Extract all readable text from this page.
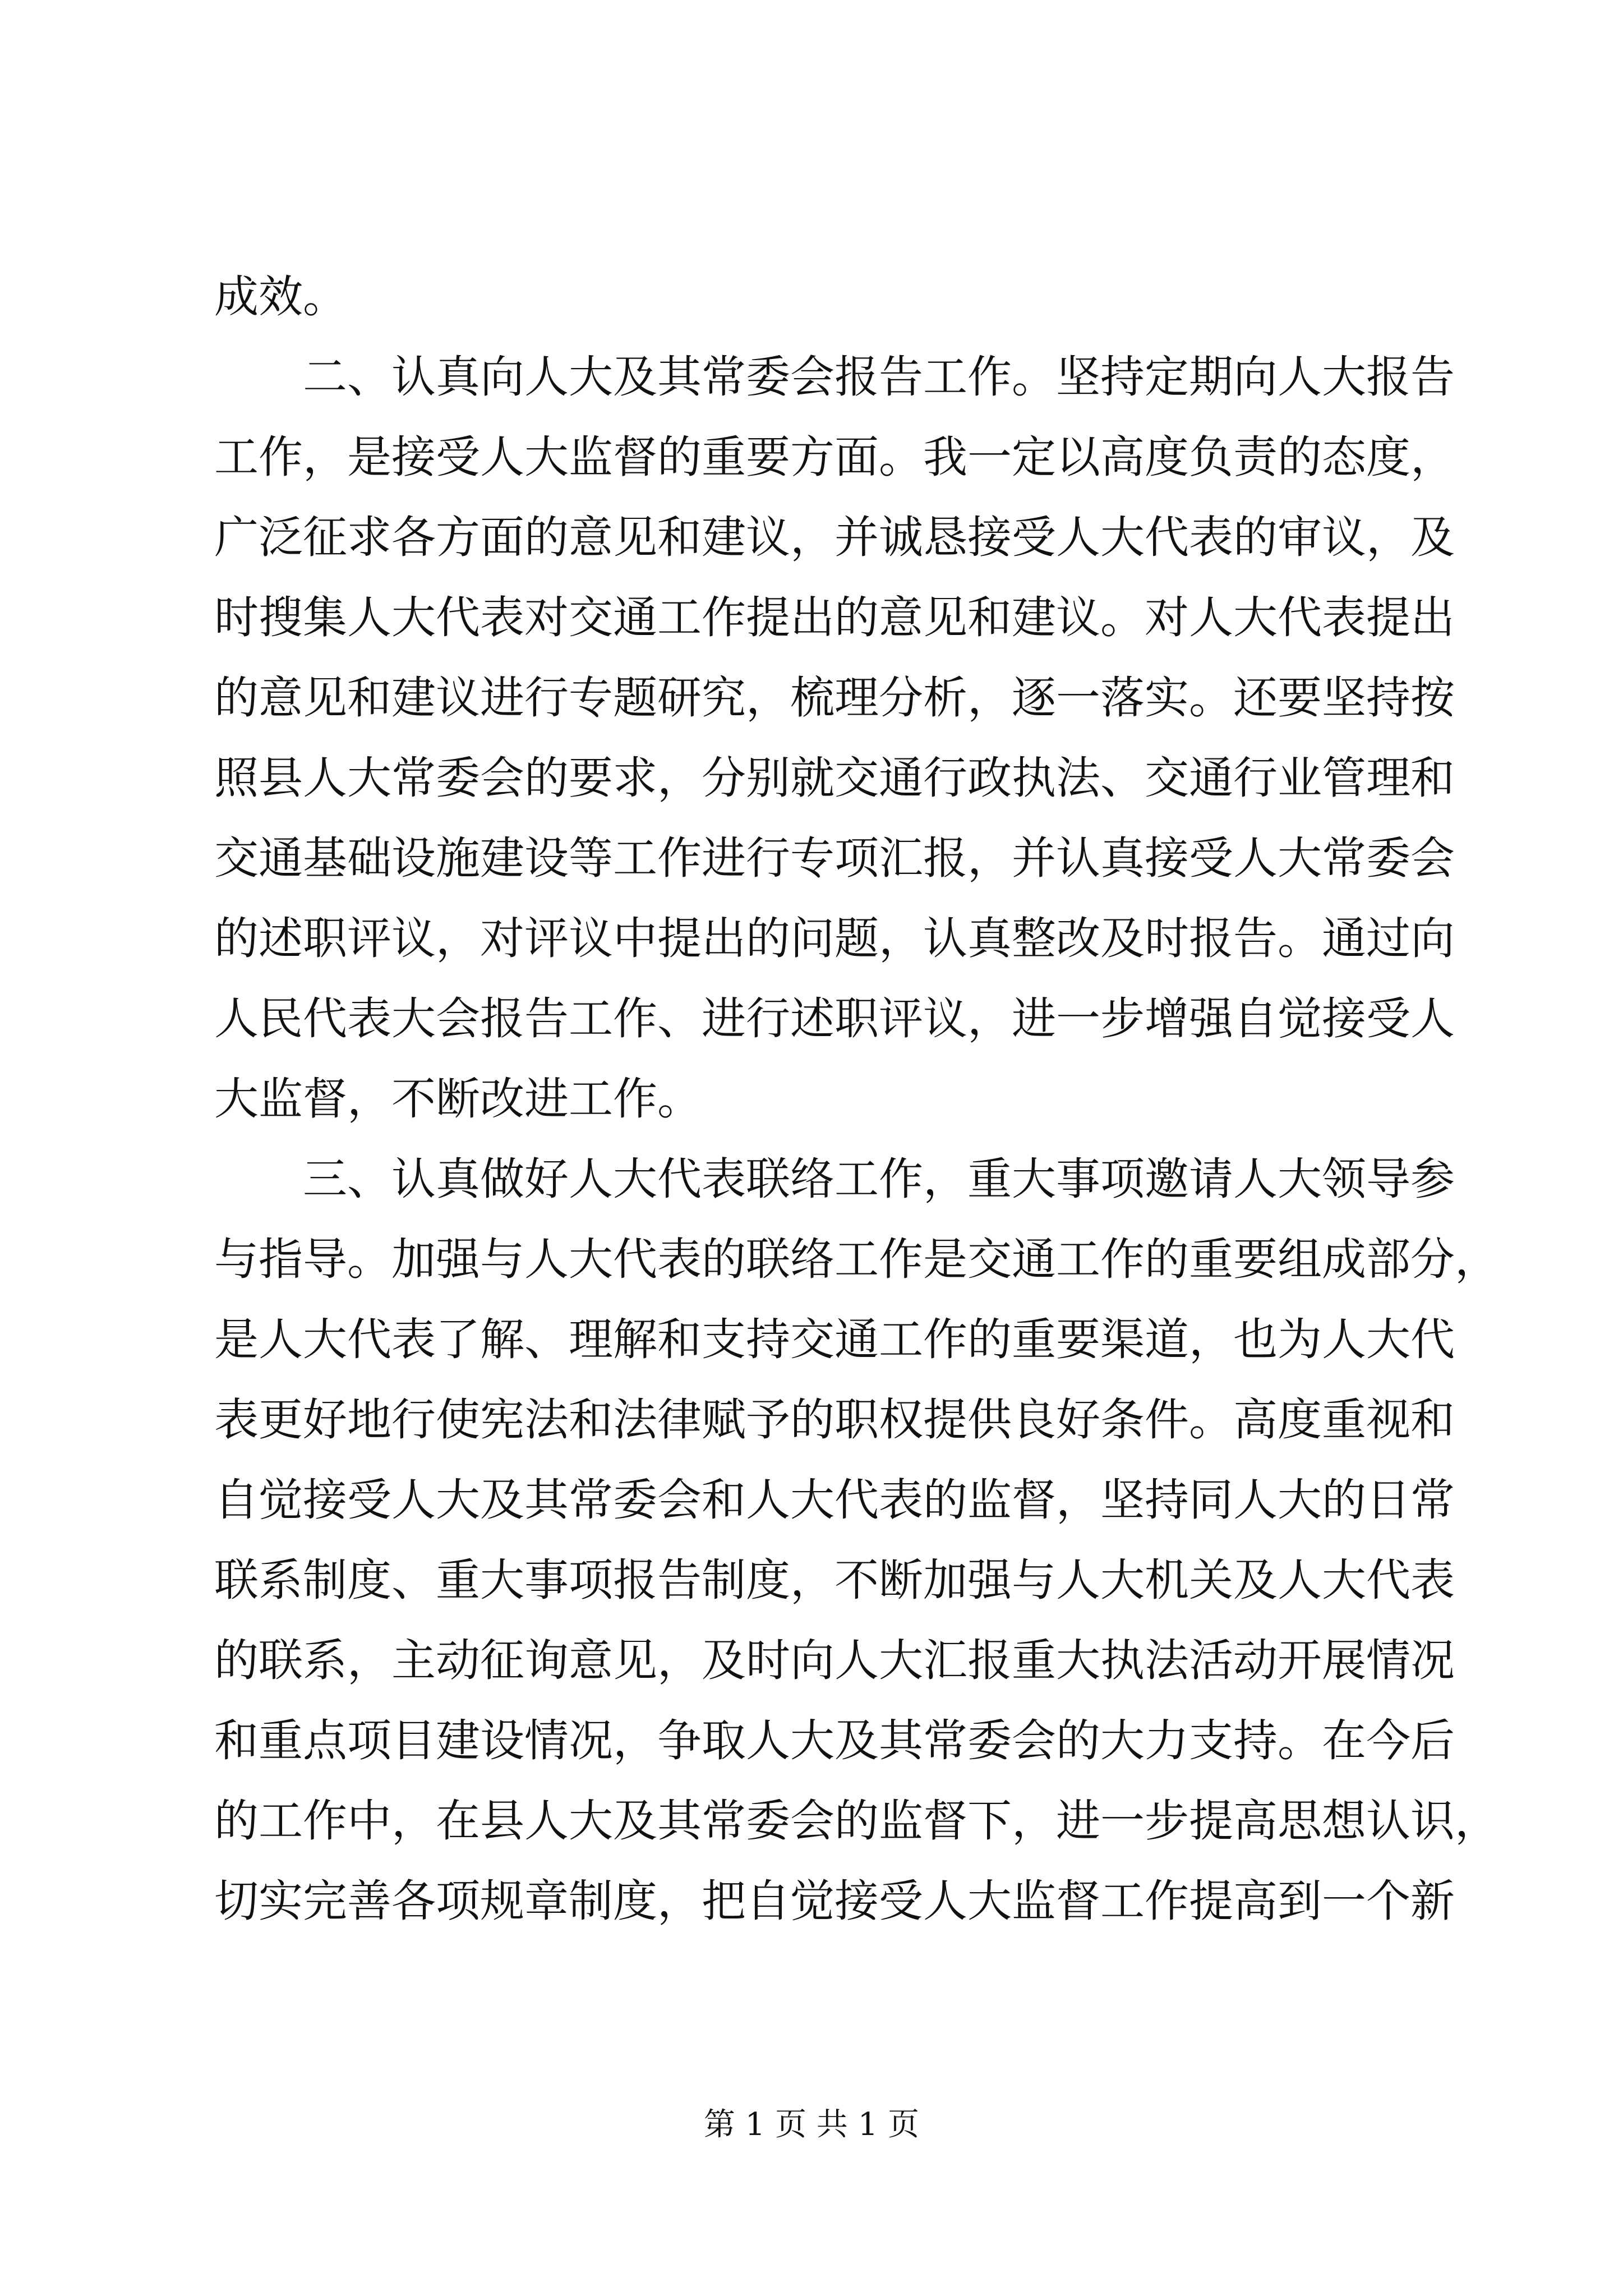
成效。
二、认真向人大及其常委会报告工作。坚持定期向人大报告
工作，是接受人大监督的重要方面。我一定以高度负责的态度，
广泛征求各方面的意见和建议，并诚恳接受人大代表的审议，及
时搜集人大代表对交通工作提出的意见和建议。对人大代表提出
的意见和建议进行专题研究，梳理分析，逐一落实。还要坚持按
照县人大常委会的要求，分别就交通行政执法、交通行业管理和
交通基础设施建设等工作进行专项汇报，并认真接受人大常委会
的述职评议，对评议中提出的问题，认真整改及时报告。通过向
人民代表大会报告工作、进行述职评议，进一步增强自觉接受人
大监督，不断改进工作。
三、认真做好人大代表联络工作，重大事项邀请人大领导参
与指导。加强与人大代表的联络工作是交通工作的重要组成部分，
是人大代表了解、理解和支持交通工作的重要渠道，也为人大代
表更好地行使宪法和法律赋予的职权提供良好条件。高度重视和
自觉接受人大及其常委会和人大代表的监督，坚持同人大的日常
联系制度、重大事项报告制度，不断加强与人大机关及人大代表
的联系，主动征询意见，及时向人大汇报重大执法活动开展情况
和重点项目建设情况，争取人大及其常委会的大力支持。在今后
的工作中，在县人大及其常委会的监督下，进一步提高思想认识，
切实完善各项规章制度，把自觉接受人大监督工作提高到一个新
第 1 页 共 1 页
